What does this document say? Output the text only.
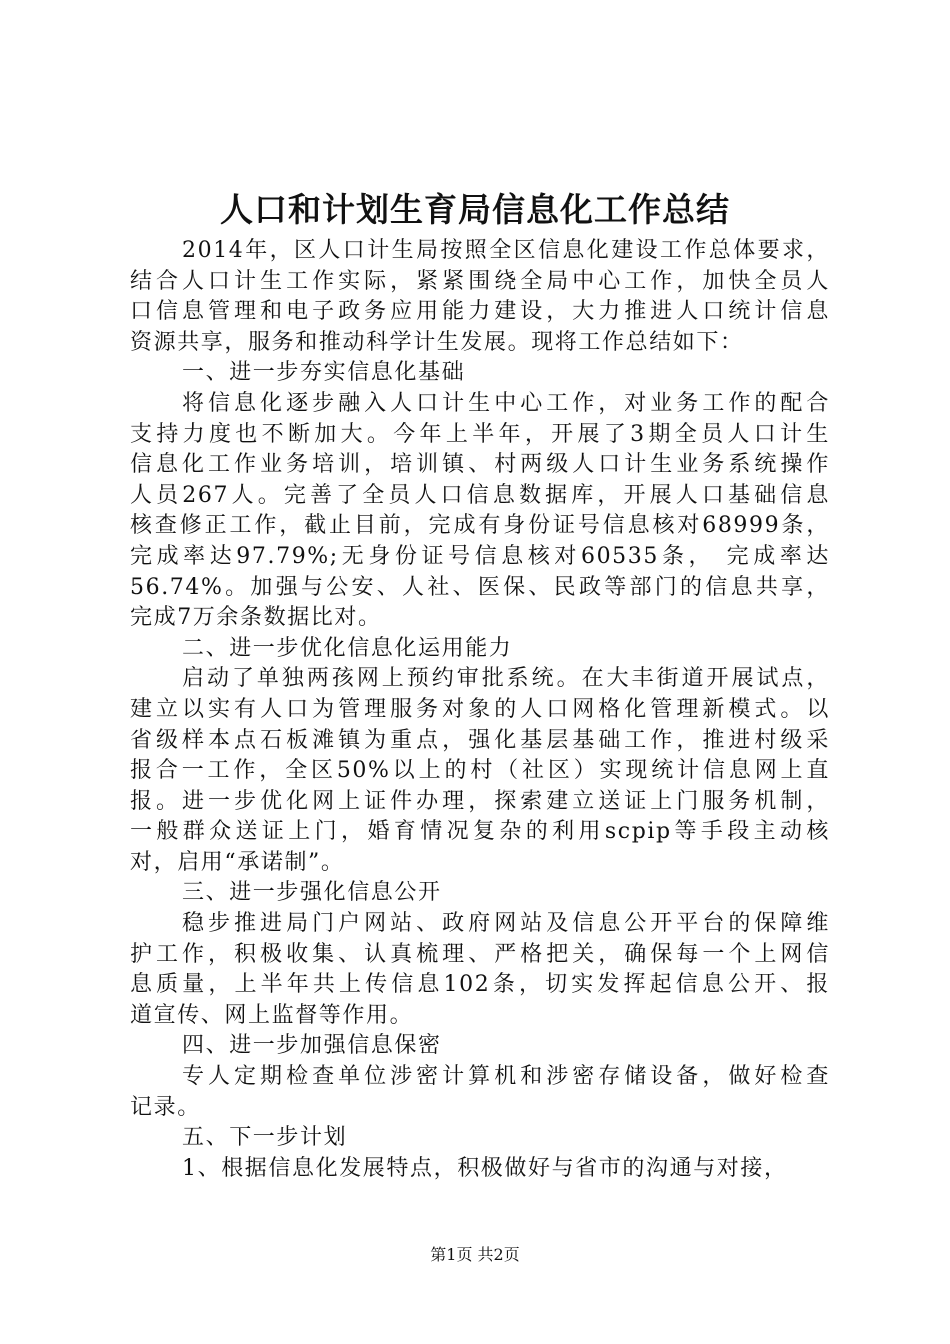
人口和计划生育局信息化工作总结
2014年，区人口计生局按照全区信息化建设工作总体要求，
结合人口计生工作实际，紧紧围绕全局中心工作，加快全员人
口信息管理和电子政务应用能力建设，大力推进人口统计信息
资源共享，服务和推动科学计生发展。现将工作总结如下：
一、进一步夯实信息化基础
将信息化逐步融入人口计生中心工作，对业务工作的配合
支持力度也不断加大。今年上半年，开展了3期全员人口计生
信息化工作业务培训，培训镇、村两级人口计生业务系统操作
人员267人。完善了全员人口信息数据库，开展人口基础信息
核查修正工作，截止目前，完成有身份证号信息核对68999条，
完成率达97.79%;无身份证号信息核对60535条， 完成率达
56.74%。加强与公安、人社、医保、民政等部门的信息共享，
完成7万余条数据比对。
二、进一步优化信息化运用能力
启动了单独两孩网上预约审批系统。在大丰街道开展试点，
建立以实有人口为管理服务对象的人口网格化管理新模式。以
省级样本点石板滩镇为重点，强化基层基础工作，推进村级采
报合一工作，全区50%以上的村（社区）实现统计信息网上直
报。进一步优化网上证件办理，探索建立送证上门服务机制，
一般群众送证上门，婚育情况复杂的利用scpip等手段主动核
对，启用“承诺制”。
三、进一步强化信息公开
稳步推进局门户网站、政府网站及信息公开平台的保障维
护工作，积极收集、认真梳理、严格把关，确保每一个上网信
息质量，上半年共上传信息102条，切实发挥起信息公开、报
道宣传、网上监督等作用。
四、进一步加强信息保密
专人定期检查单位涉密计算机和涉密存储设备，做好检查
记录。
五、下一步计划
1、根据信息化发展特点，积极做好与省市的沟通与对接，
第1页 共2页
